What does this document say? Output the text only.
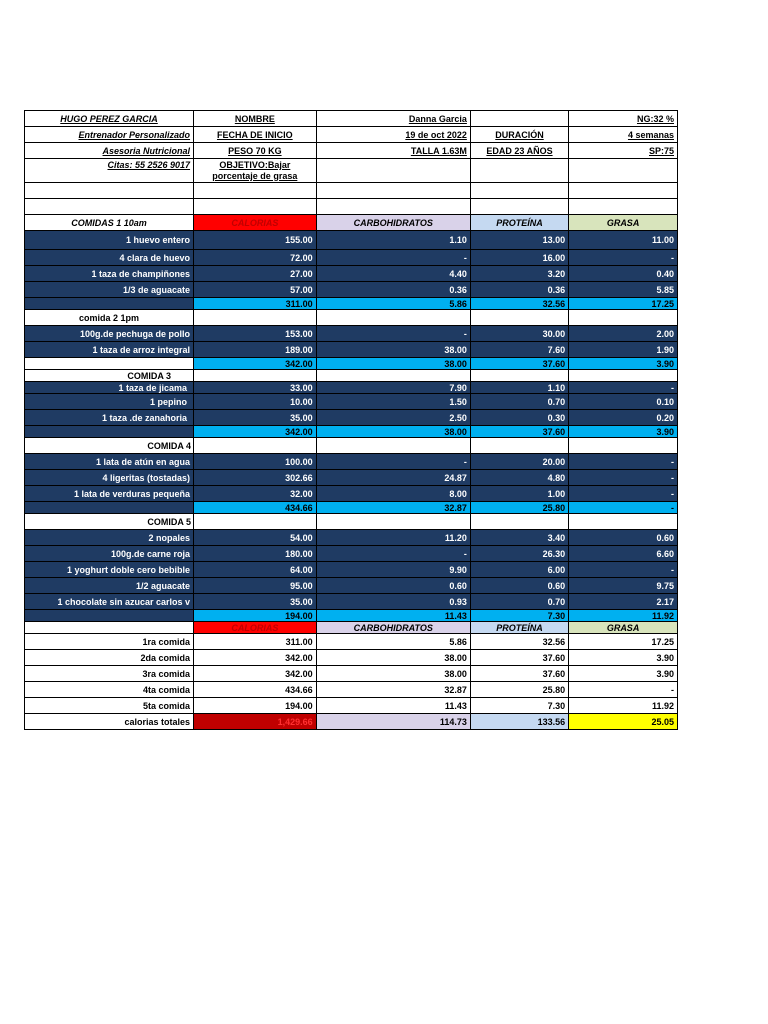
HUGO PEREZ GARCIA	NOMBRE	Danna Garcia		NG:32 %
Entrenador Personalizado	FECHA DE INICIO	19 de oct 2022	DURACIÓN	4 semanas
Asesoria Nutricional	PESO 70 KG	TALLA 1.63M	EDAD 23 AÑOS	SP:75
Citas: 55 2526 9017	OBJETIVO:Bajar
porcentaje de grasa			

COMIDAS 1 10am	CALORIAS	CARBOHIDRATOS	PROTEÍNA	GRASA
1 huevo entero	155.00	1.10	13.00	11.00
4 clara de huevo	72.00	-	16.00	-
1 taza de champiñones	27.00	4.40	3.20	0.40
1/3 de aguacate	57.00	0.36	0.36	5.85
	311.00	5.86	32.56	17.25
comida 2 1pm				
100g.de pechuga de pollo	153.00	-	30.00	2.00
1 taza de arroz integral	189.00	38.00	7.60	1.90
	342.00	38.00	37.60	3.90
COMIDA 3				
1 taza de jicama	33.00	7.90	1.10	-
1 pepino	10.00	1.50	0.70	0.10
1 taza .de zanahoria	35.00	2.50	0.30	0.20
	342.00	38.00	37.60	3.90
COMIDA 4				
1 lata de atún en agua	100.00	-	20.00	-
4 ligeritas (tostadas)	302.66	24.87	4.80	-
1 lata de verduras pequeña	32.00	8.00	1.00	-
	434.66	32.87	25.80	-
COMIDA 5				
2 nopales	54.00	11.20	3.40	0.60
100g.de carne roja	180.00	-	26.30	6.60
1 yoghurt doble cero bebible	64.00	9.90	6.00	-
1/2 aguacate	95.00	0.60	0.60	9.75
1 chocolate sin azucar carlos v	35.00	0.93	0.70	2.17
	194.00	11.43	7.30	11.92
	CALORIAS	CARBOHIDRATOS	PROTEÍNA	GRASA
1ra comida	311.00	5.86	32.56	17.25
2da comida	342.00	38.00	37.60	3.90
3ra comida	342.00	38.00	37.60	3.90
4ta comida	434.66	32.87	25.80	-
5ta comida	194.00	11.43	7.30	11.92
calorias totales	1,429.66	114.73	133.56	25.05
